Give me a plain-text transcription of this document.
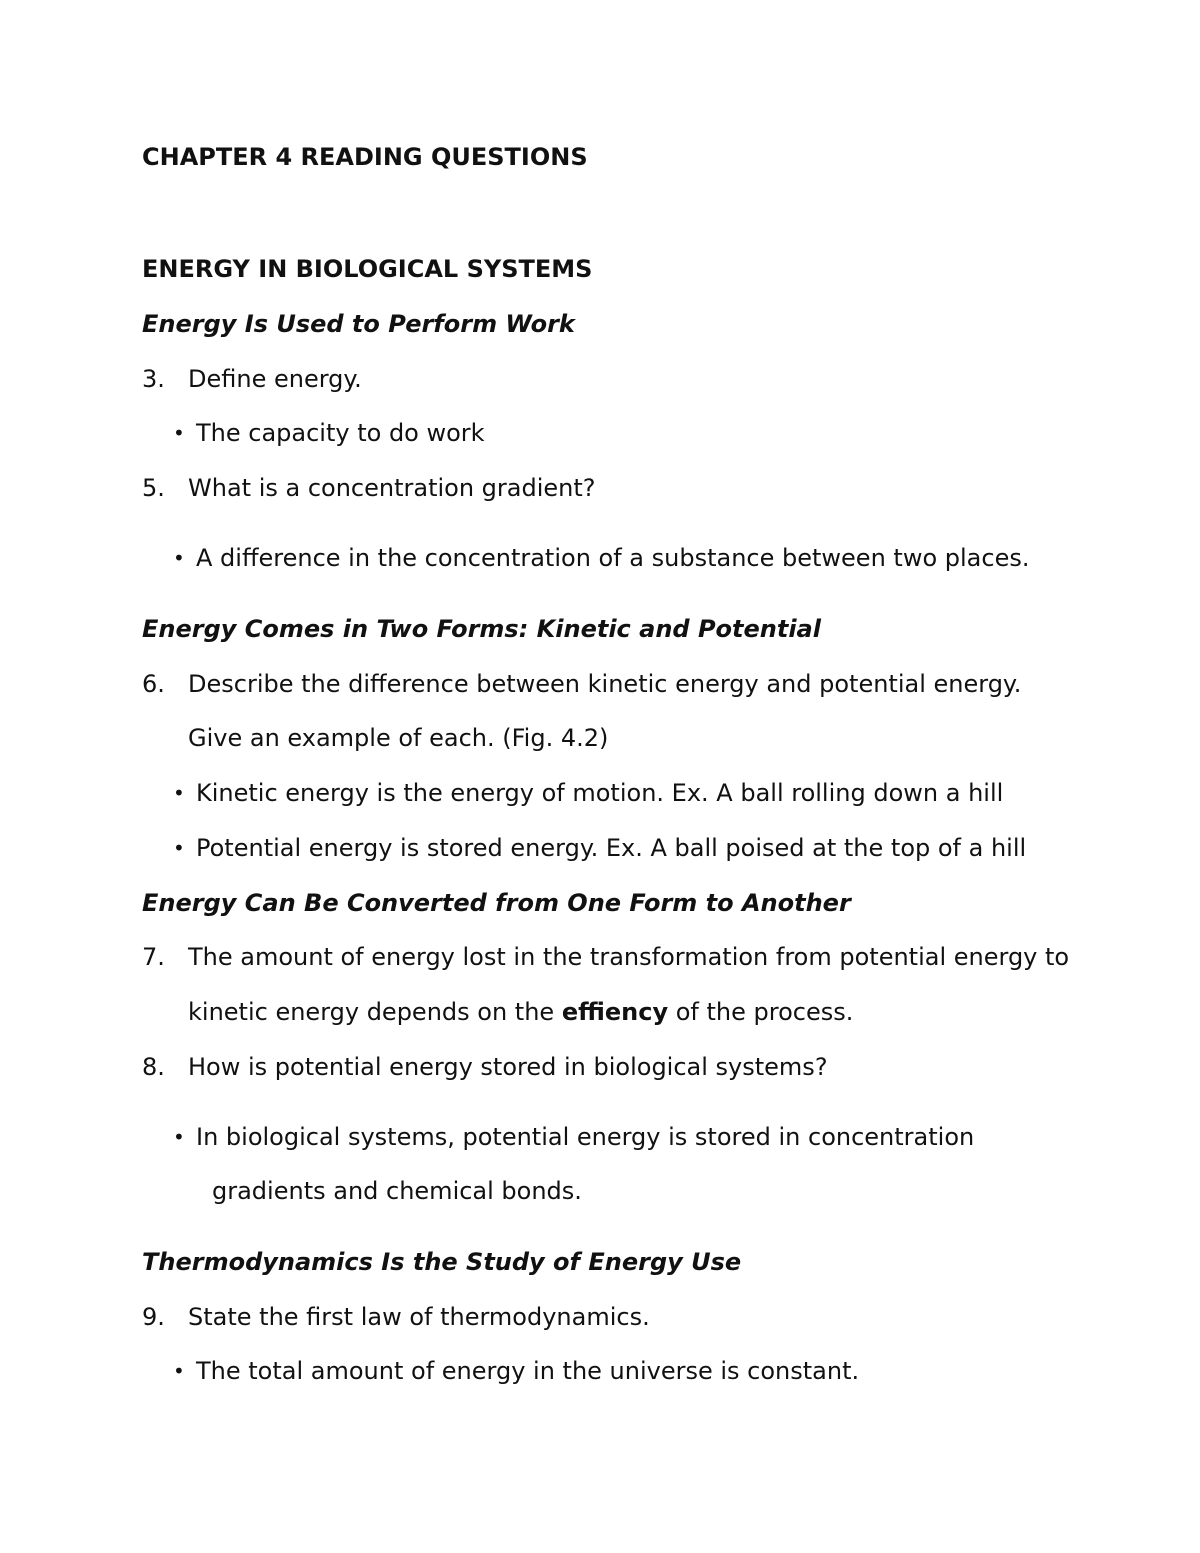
CHAPTER 4 READING QUESTIONS
ENERGY IN BIOLOGICAL SYSTEMS
Energy Is Used to Perform Work
3. Define energy.
• The capacity to do work
5. What is a concentration gradient?
• A difference in the concentration of a substance between two places.
Energy Comes in Two Forms: Kinetic and Potential
6. Describe the difference between kinetic energy and potential energy.
Give an example of each. (Fig. 4.2)
• Kinetic energy is the energy of motion. Ex. A ball rolling down a hill
• Potential energy is stored energy. Ex. A ball poised at the top of a hill
Energy Can Be Converted from One Form to Another
7. The amount of energy lost in the transformation from potential energy to
kinetic energy depends on the effiency of the process.
8. How is potential energy stored in biological systems?
• In biological systems, potential energy is stored in concentration
gradients and chemical bonds.
Thermodynamics Is the Study of Energy Use
9. State the first law of thermodynamics.
• The total amount of energy in the universe is constant.
